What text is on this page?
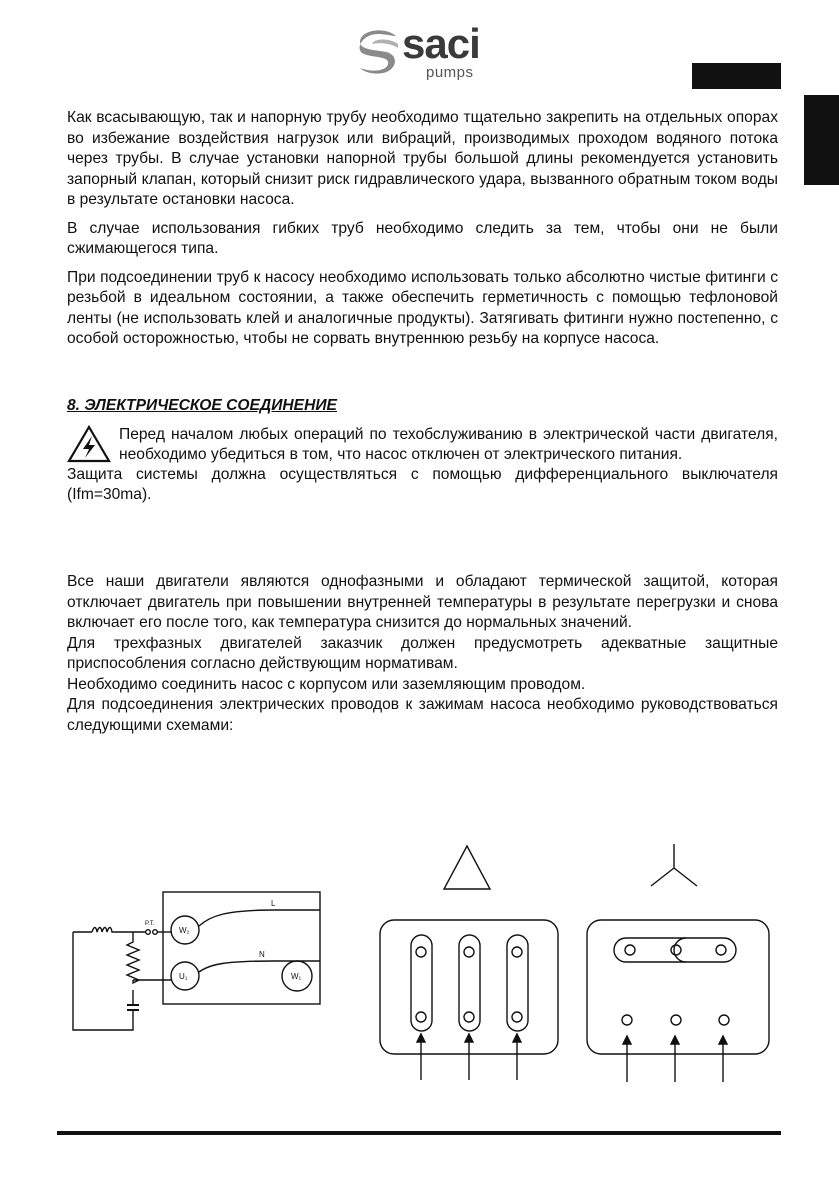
saci
pumps

Как всасывающую, так и напорную трубу необходимо тщательно закрепить на отдельных опорах во избежание воздействия нагрузок или вибраций, производимых проходом водяного потока через трубы. В случае установки напорной трубы большой длины рекомендуется установить запорный клапан, который снизит риск гидравлического удара, вызванного обратным током воды в результате остановки насоса.

В случае использования гибких труб необходимо следить за тем, чтобы они не были сжимающегося типа.

При подсоединении труб к насосу необходимо использовать только абсолютно чистые фитинги с резьбой в идеальном состоянии, а также обеспечить герметичность с помощью тефлоновой ленты (не использовать клей и аналогичные продукты). Затягивать фитинги нужно постепенно, с особой осторожностью, чтобы не сорвать внутреннюю резьбу на корпусе насоса.

8. ЭЛЕКТРИЧЕСКОЕ СОЕДИНЕНИЕ

Перед началом любых операций по техобслуживанию в электрической части двигателя, необходимо убедиться в том, что насос отключен от электрического питания.

Защита системы должна осуществляться с помощью дифференциального выключателя (Ifm=30ma).

Все наши двигатели являются однофазными и обладают термической защитой, которая отключает двигатель при повышении внутренней температуры в результате перегрузки и снова включает его после того, как температура снизится до нормальных значений.

Для трехфазных двигателей заказчик должен предусмотреть адекватные защитные приспособления согласно действующим нормативам.

Необходимо соединить насос с корпусом или заземляющим проводом.

Для подсоединения электрических проводов к зажимам насоса необходимо руководствоваться следующими схемами:

P.T.
L
N
W₂
U₁	W₁
